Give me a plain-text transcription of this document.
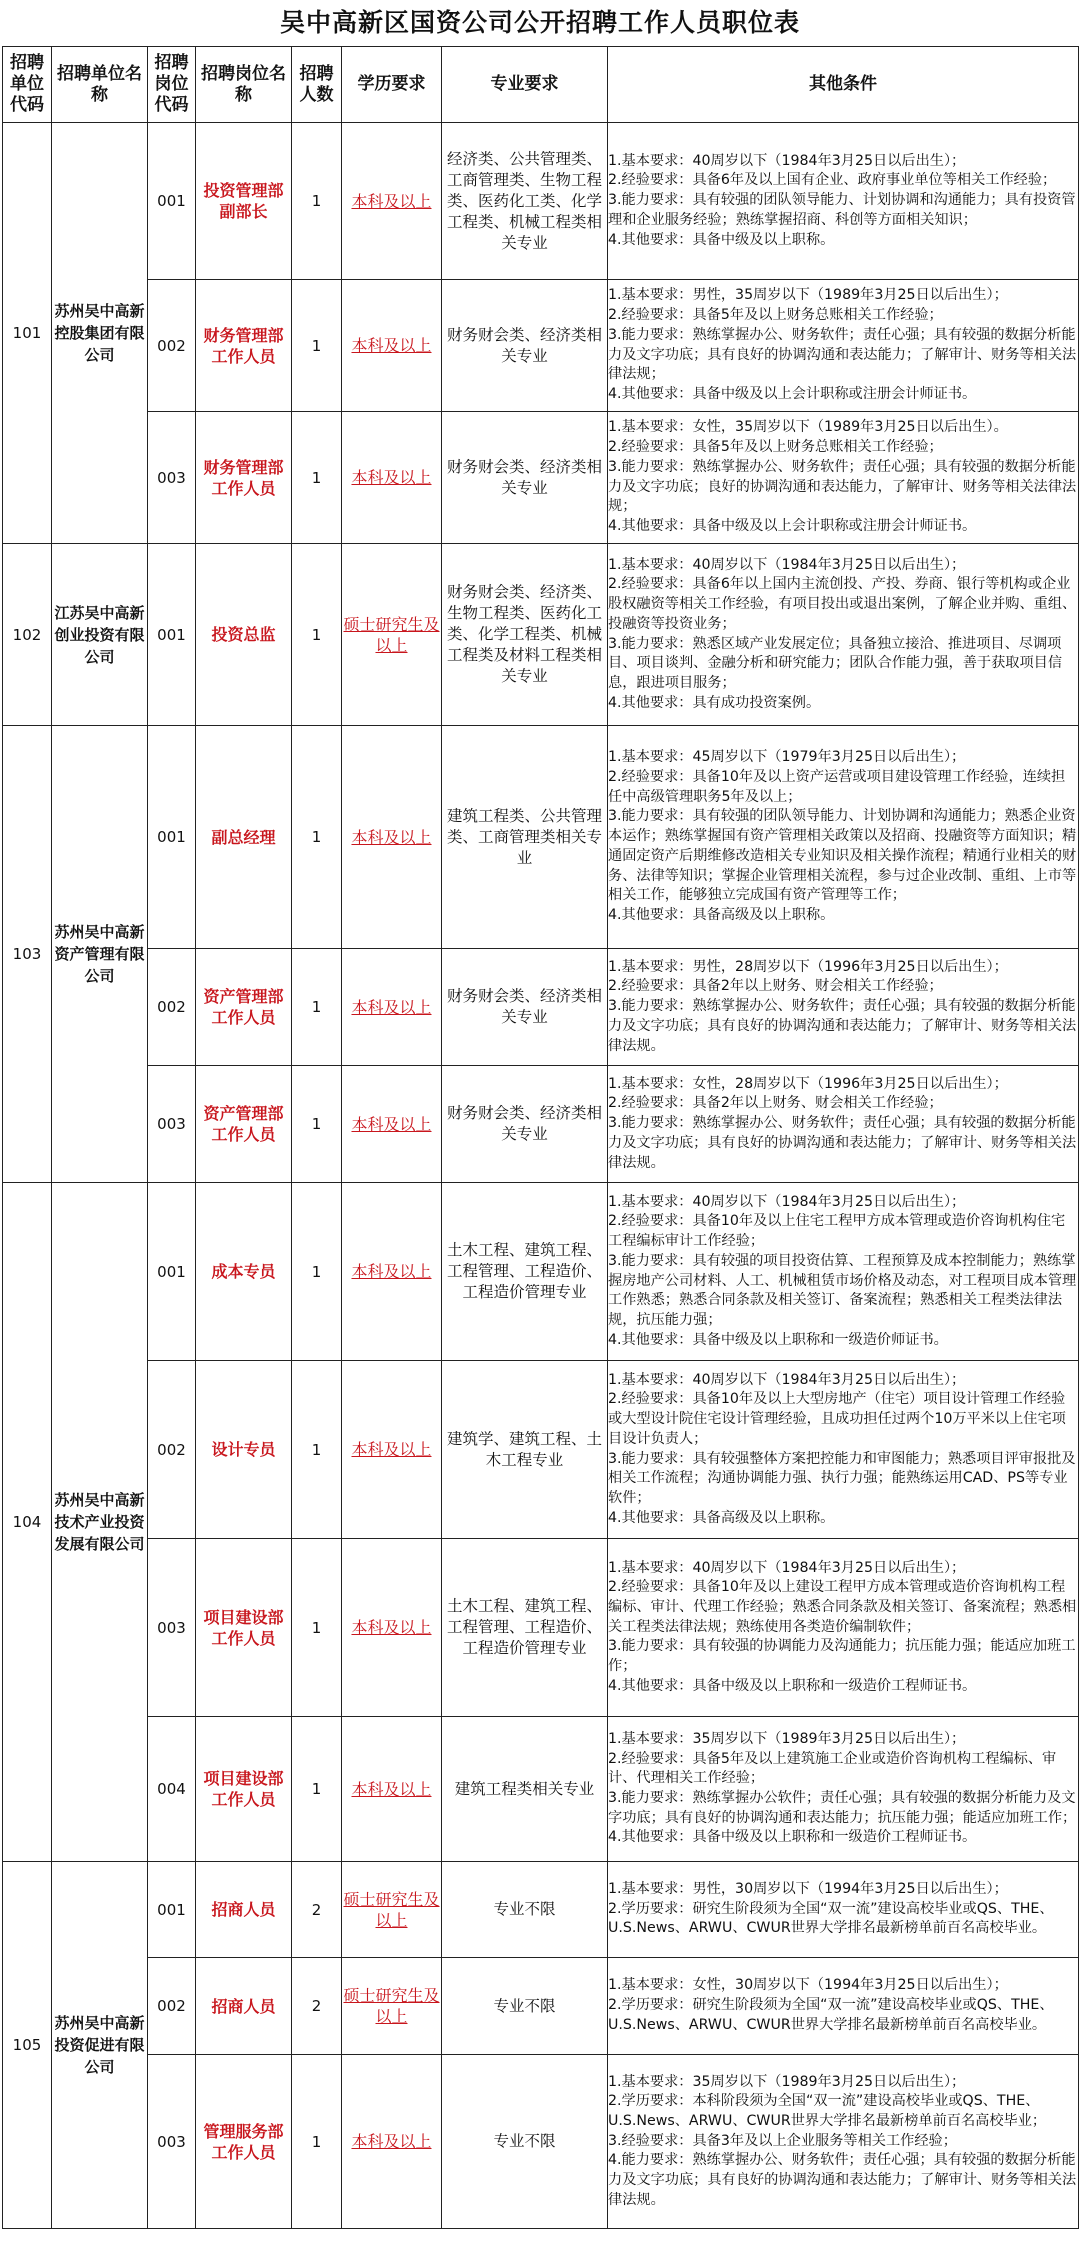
吴中高新区国资公司公开招聘工作人员职位表
招聘单位代码	招聘单位名称	招聘岗位代码	招聘岗位名称	招聘人数	学历要求	专业要求	其他条件
101	苏州吴中高新控股集团有限公司	001	投资管理部副部长	1	本科及以上	经济类、公共管理类、工商管理类、生物工程类、医药化工类、化学工程类、机械工程类相关专业	1.基本要求：40周岁以下（1984年3月25日以后出生）；
2.经验要求：具备6年及以上国有企业、政府事业单位等相关工作经验；
3.能力要求：具有较强的团队领导能力、计划协调和沟通能力；具有投资管理和企业服务经验；熟练掌握招商、科创等方面相关知识；
4.其他要求：具备中级及以上职称。

		002	财务管理部工作人员	1	本科及以上	财务财会类、经济类相关专业	1.基本要求：男性，35周岁以下（1989年3月25日以后出生）；
2.经验要求：具备5年及以上财务总账相关工作经验；
3.能力要求：熟练掌握办公、财务软件；责任心强；具有较强的数据分析能力及文字功底；具有良好的协调沟通和表达能力；了解审计、财务等相关法律法规；
4.其他要求：具备中级及以上会计职称或注册会计师证书。

		003	财务管理部工作人员	1	本科及以上	财务财会类、经济类相关专业	1.基本要求：女性，35周岁以下（1989年3月25日以后出生）。
2.经验要求：具备5年及以上财务总账相关工作经验；
3.能力要求：熟练掌握办公、财务软件；责任心强；具有较强的数据分析能力及文字功底；良好的协调沟通和表达能力，了解审计、财务等相关法律法规；
4.其他要求：具备中级及以上会计职称或注册会计师证书。

102	江苏吴中高新创业投资有限公司	001	投资总监	1	硕士研究生及以上	财务财会类、经济类、生物工程类、医药化工类、化学工程类、机械工程类及材料工程类相关专业	1.基本要求：40周岁以下（1984年3月25日以后出生）；
2.经验要求：具备6年以上国内主流创投、产投、券商、银行等机构或企业股权融资等相关工作经验，有项目投出或退出案例，了解企业并购、重组、投融资等投资业务；
3.能力要求：熟悉区域产业发展定位；具备独立接洽、推进项目、尽调项目、项目谈判、金融分析和研究能力；团队合作能力强，善于获取项目信息，跟进项目服务；
4.其他要求：具有成功投资案例。

103	苏州吴中高新资产管理有限公司	001	副总经理	1	本科及以上	建筑工程类、公共管理类、工商管理类相关专业	1.基本要求：45周岁以下（1979年3月25日以后出生）；
2.经验要求：具备10年及以上资产运营或项目建设管理工作经验，连续担任中高级管理职务5年及以上；
3.能力要求：具有较强的团队领导能力、计划协调和沟通能力；熟悉企业资本运作；熟练掌握国有资产管理相关政策以及招商、投融资等方面知识；精通固定资产后期维修改造相关专业知识及相关操作流程；精通行业相关的财务、法律等知识；掌握企业管理相关流程，参与过企业改制、重组、上市等相关工作，能够独立完成国有资产管理等工作；
4.其他要求：具备高级及以上职称。

		002	资产管理部工作人员	1	本科及以上	财务财会类、经济类相关专业	1.基本要求：男性，28周岁以下（1996年3月25日以后出生）；
2.经验要求：具备2年以上财务、财会相关工作经验；
3.能力要求：熟练掌握办公、财务软件；责任心强；具有较强的数据分析能力及文字功底；具有良好的协调沟通和表达能力；了解审计、财务等相关法律法规。

		003	资产管理部工作人员	1	本科及以上	财务财会类、经济类相关专业	1.基本要求：女性，28周岁以下（1996年3月25日以后出生）；
2.经验要求：具备2年以上财务、财会相关工作经验；
3.能力要求：熟练掌握办公、财务软件；责任心强；具有较强的数据分析能力及文字功底；具有良好的协调沟通和表达能力；了解审计、财务等相关法律法规。

104	苏州吴中高新技术产业投资发展有限公司	001	成本专员	1	本科及以上	土木工程、建筑工程、工程管理、工程造价、工程造价管理专业	1.基本要求：40周岁以下（1984年3月25日以后出生）；
2.经验要求：具备10年及以上住宅工程甲方成本管理或造价咨询机构住宅工程编标审计工作经验；
3.能力要求：具有较强的项目投资估算、工程预算及成本控制能力；熟练掌握房地产公司材料、人工、机械租赁市场价格及动态，对工程项目成本管理工作熟悉；熟悉合同条款及相关签订、备案流程；熟悉相关工程类法律法规，抗压能力强；
4.其他要求：具备中级及以上职称和一级造价师证书。

		002	设计专员	1	本科及以上	建筑学、建筑工程、土木工程专业	1.基本要求：40周岁以下（1984年3月25日以后出生）；
2.经验要求：具备10年及以上大型房地产（住宅）项目设计管理工作经验或大型设计院住宅设计管理经验，且成功担任过两个10万平米以上住宅项目设计负责人；
3.能力要求：具有较强整体方案把控能力和审图能力；熟悉项目评审报批及相关工作流程；沟通协调能力强、执行力强；能熟练运用CAD、PS等专业软件；
4.其他要求：具备高级及以上职称。

		003	项目建设部工作人员	1	本科及以上	土木工程、建筑工程、工程管理、工程造价、工程造价管理专业	1.基本要求：40周岁以下（1984年3月25日以后出生）；
2.经验要求：具备10年及以上建设工程甲方成本管理或造价咨询机构工程编标、审计、代理工作经验；熟悉合同条款及相关签订、备案流程；熟悉相关工程类法律法规；熟练使用各类造价编制软件；
3.能力要求：具有较强的协调能力及沟通能力；抗压能力强；能适应加班工作；
4.其他要求：具备中级及以上职称和一级造价工程师证书。

		004	项目建设部工作人员	1	本科及以上	建筑工程类相关专业	1.基本要求：35周岁以下（1989年3月25日以后出生）；
2.经验要求：具备5年及以上建筑施工企业或造价咨询机构工程编标、审计、代理相关工作经验；
3.能力要求：熟练掌握办公软件；责任心强；具有较强的数据分析能力及文字功底；具有良好的协调沟通和表达能力；抗压能力强；能适应加班工作；
4.其他要求：具备中级及以上职称和一级造价工程师证书。

105	苏州吴中高新投资促进有限公司	001	招商人员	2	硕士研究生及以上	专业不限	1.基本要求：男性，30周岁以下（1994年3月25日以后出生）；
2.学历要求：研究生阶段须为全国“双一流”建设高校毕业或QS、THE、U.S.News、ARWU、CWUR世界大学排名最新榜单前百名高校毕业。

		002	招商人员	2	硕士研究生及以上	专业不限	1.基本要求：女性，30周岁以下（1994年3月25日以后出生）；
2.学历要求：研究生阶段须为全国“双一流”建设高校毕业或QS、THE、U.S.News、ARWU、CWUR世界大学排名最新榜单前百名高校毕业。

		003	管理服务部工作人员	1	本科及以上	专业不限	1.基本要求：35周岁以下（1989年3月25日以后出生）；
2.学历要求：本科阶段须为全国“双一流”建设高校毕业或QS、THE、U.S.News、ARWU、CWUR世界大学排名最新榜单前百名高校毕业；
3.经验要求：具备3年及以上企业服务等相关工作经验；
4.能力要求：熟练掌握办公、财务软件；责任心强；具有较强的数据分析能力及文字功底；具有良好的协调沟通和表达能力；了解审计、财务等相关法律法规。
